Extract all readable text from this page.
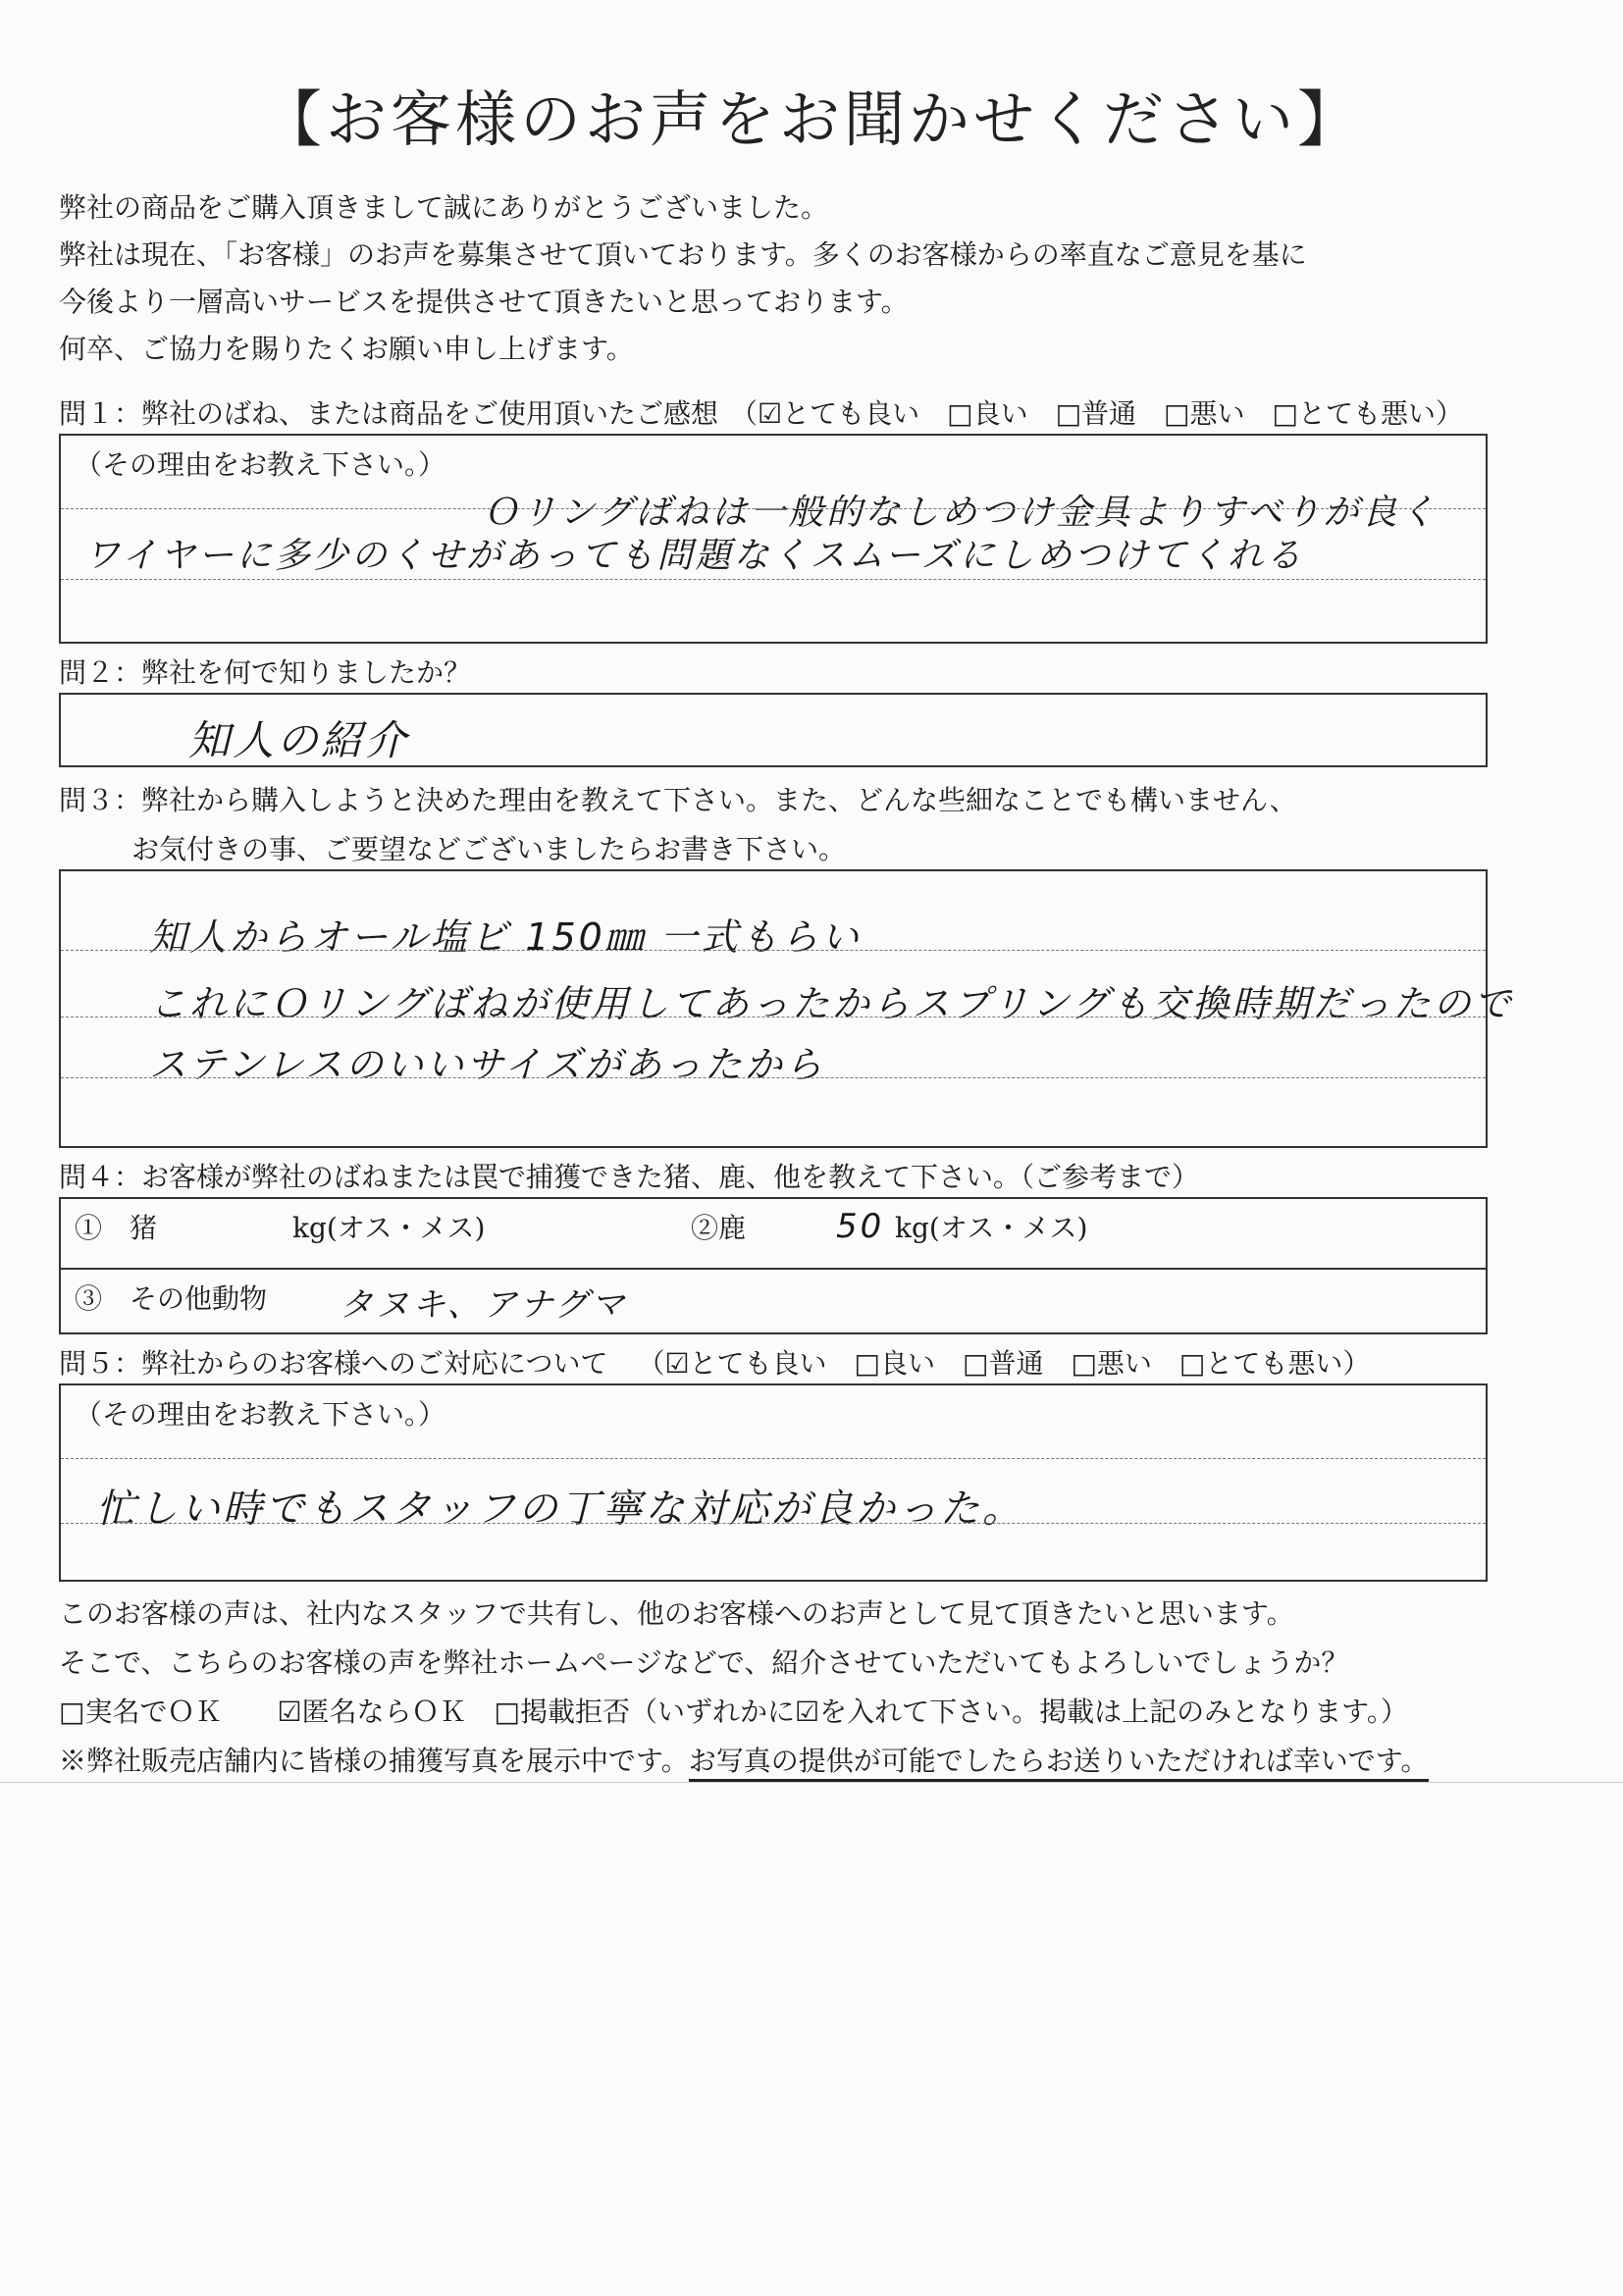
【お客様のお声をお聞かせください】
弊社の商品をご購入頂きまして誠にありがとうございました。
弊社は現在、「お客様」のお声を募集させて頂いております。多くのお客様からの率直なご意見を基に
今後より一層高いサービスを提供させて頂きたいと思っております。
何卒、ご協力を賜りたくお願い申し上げます。
問１：弊社のばね、または商品をご使用頂いたご感想 （☑とても良い　□良い　□普通　□悪い　□とても悪い）
（その理由をお教え下さい。）
Ｏリングばねは一般的なしめつけ金具よりすべりが良く
ワイヤーに多少のくせがあっても問題なくスムーズにしめつけてくれる
問２：弊社を何で知りましたか？
知人の紹介
問３：弊社から購入しようと決めた理由を教えて下さい。また、どんな些細なことでも構いません、
お気付きの事、ご要望などございましたらお書き下さい。
知人からオール塩ビ 150㎜ 一式もらい
これにＯリングばねが使用してあったからスプリングも交換時期だったので
ステンレスのいいサイズがあったから
問４：お客様が弊社のばねまたは罠で捕獲できた猪、鹿、他を教えて下さい。（ご参考まで）
①　猪	kg(オス・メス)	②鹿	50 kg(オス・メス)
③　その他動物 タヌキ、アナグマ
問５：弊社からのお客様へのご対応について （☑とても良い　□良い　□普通　□悪い　□とても悪い）
（その理由をお教え下さい。）
忙しい時でもスタッフの丁寧な対応が良かった。
このお客様の声は、社内なスタッフで共有し、他のお客様へのお声として見て頂きたいと思います。
そこで、こちらのお客様の声を弊社ホームページなどで、紹介させていただいてもよろしいでしょうか？
□実名でＯＫ　　☑匿名ならＯＫ　□掲載拒否（いずれかに☑を入れて下さい。掲載は上記のみとなります。）
※弊社販売店舗内に皆様の捕獲写真を展示中です。お写真の提供が可能でしたらお送りいただければ幸いです。
